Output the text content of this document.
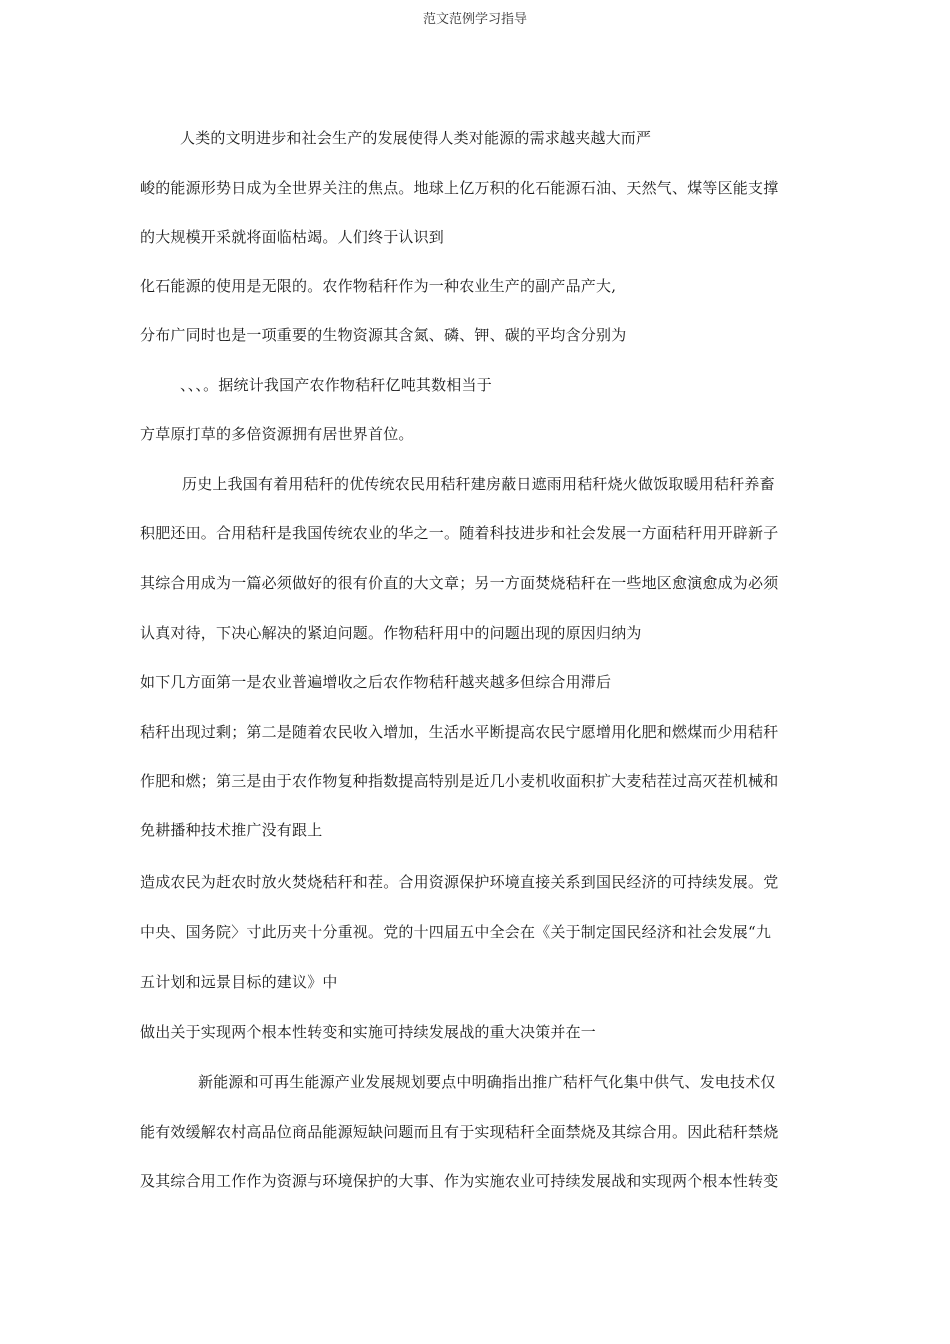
范文范例学习指导
人类的文明进步和社会生产的发展使得人类对能源的需求越夹越大而严
峻的能源形势日成为全世界关注的焦点。地球上亿万积的化石能源石油、天然气、煤等区能支撑
的大规模开采就将面临枯竭。人们终于认识到
化石能源的使用是无限的。农作物秸秆作为一种农业生产的副产品产大,
分布广同时也是一项重要的生物资源其含氮、磷、钾、碳的平均含分别为
、、、。据统计我国产农作物秸秆亿吨其数相当于
方草原打草的多倍资源拥有居世界首位。
历史上我国有着用秸秆的优传统农民用秸秆建房蔽日遮雨用秸秆烧火做饭取暖用秸秆养畜
积肥还田。合用秸秆是我国传统农业的华之一。随着科技进步和社会发展一方面秸秆用开辟新子
其综合用成为一篇必须做好的很有价直的大文章；另一方面焚烧秸秆在一些地区愈演愈成为必须
认真对待，下决心解决的紧迫问题。作物秸秆用中的问题出现的原因归纳为
如下几方面第一是农业普遍增收之后农作物秸秆越夹越多但综合用滞后
秸秆出现过剩；第二是随着农民收入增加，生活水平断提高农民宁愿增用化肥和燃煤而少用秸秆
作肥和燃；第三是由于农作物复种指数提高特别是近几小麦机收面积扩大麦秸茬过高灭茬机械和
免耕播种技术推广没有跟上
造成农民为赶农时放火焚烧秸秆和茬。合用资源保护环境直接关系到国民经济的可持续发展。党
中央、国务院〉寸此历夹十分重视。党的十四届五中全会在《关于制定国民经济和社会发展“九
五计划和远景目标的建议》中
做出关于实现两个根本性转变和实施可持续发展战的重大决策并在一
新能源和可再生能源产业发展规划要点中明确指出推广秸杆气化集中供气、发电技术仅
能有效缓解农村高品位商品能源短缺问题而且有于实现秸秆全面禁烧及其综合用。因此秸秆禁烧
及其综合用工作作为资源与环境保护的大事、作为实施农业可持续发展战和实现两个根本性转变
